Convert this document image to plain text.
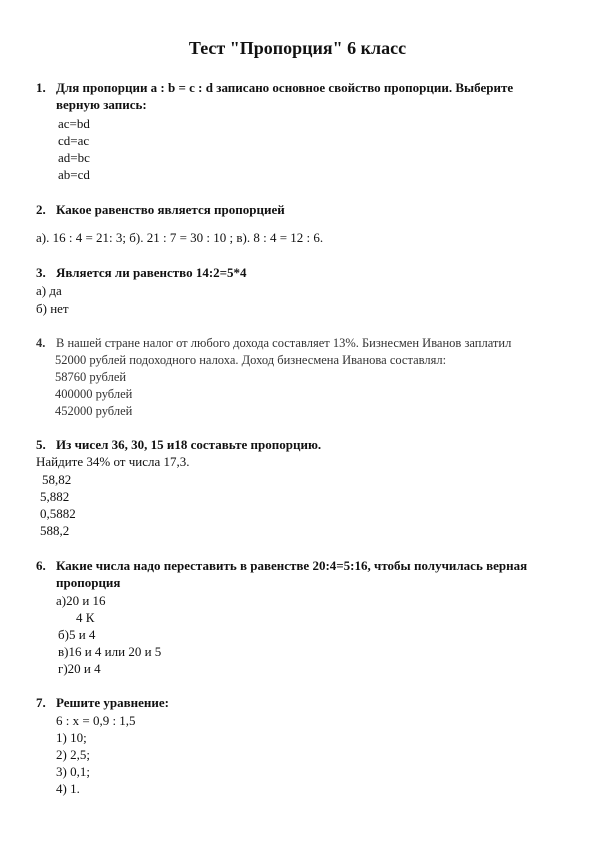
Тест "Пропорция" 6 класс
1. Для пропорции a : b = c : d записано основное свойство пропорции. Выберите
верную запись:
ac=bd
cd=ac
ad=bc
ab=cd
2. Какое равенство является пропорцией
а). 16 : 4 = 21: 3; б). 21 : 7 = 30 : 10 ; в). 8 : 4 = 12 : 6.
3. Является ли равенство 14:2=5*4
а) да
б) нет
4. В нашей стране налог от любого дохода составляет 13%. Бизнесмен Иванов заплатил
52000 рублей подоходного налоха. Доход бизнесмена Иванова составлял:
58760 рублей
400000 рублей
452000 рублей
5. Из чисел 36, 30, 15 и18 составьте пропорцию.
Найдите 34% от числа 17,3.
58,82
5,882
0,5882
588,2
6. Какие числа надо переставить в равенстве 20:4=5:16, чтобы получилась верная
пропорция
а)20 и 16
4 К
б)5 и 4
в)16 и 4 или 20 и 5
г)20 и 4
7. Решите уравнение:
6 : x = 0,9 : 1,5
1) 10;
2) 2,5;
3) 0,1;
4) 1.
